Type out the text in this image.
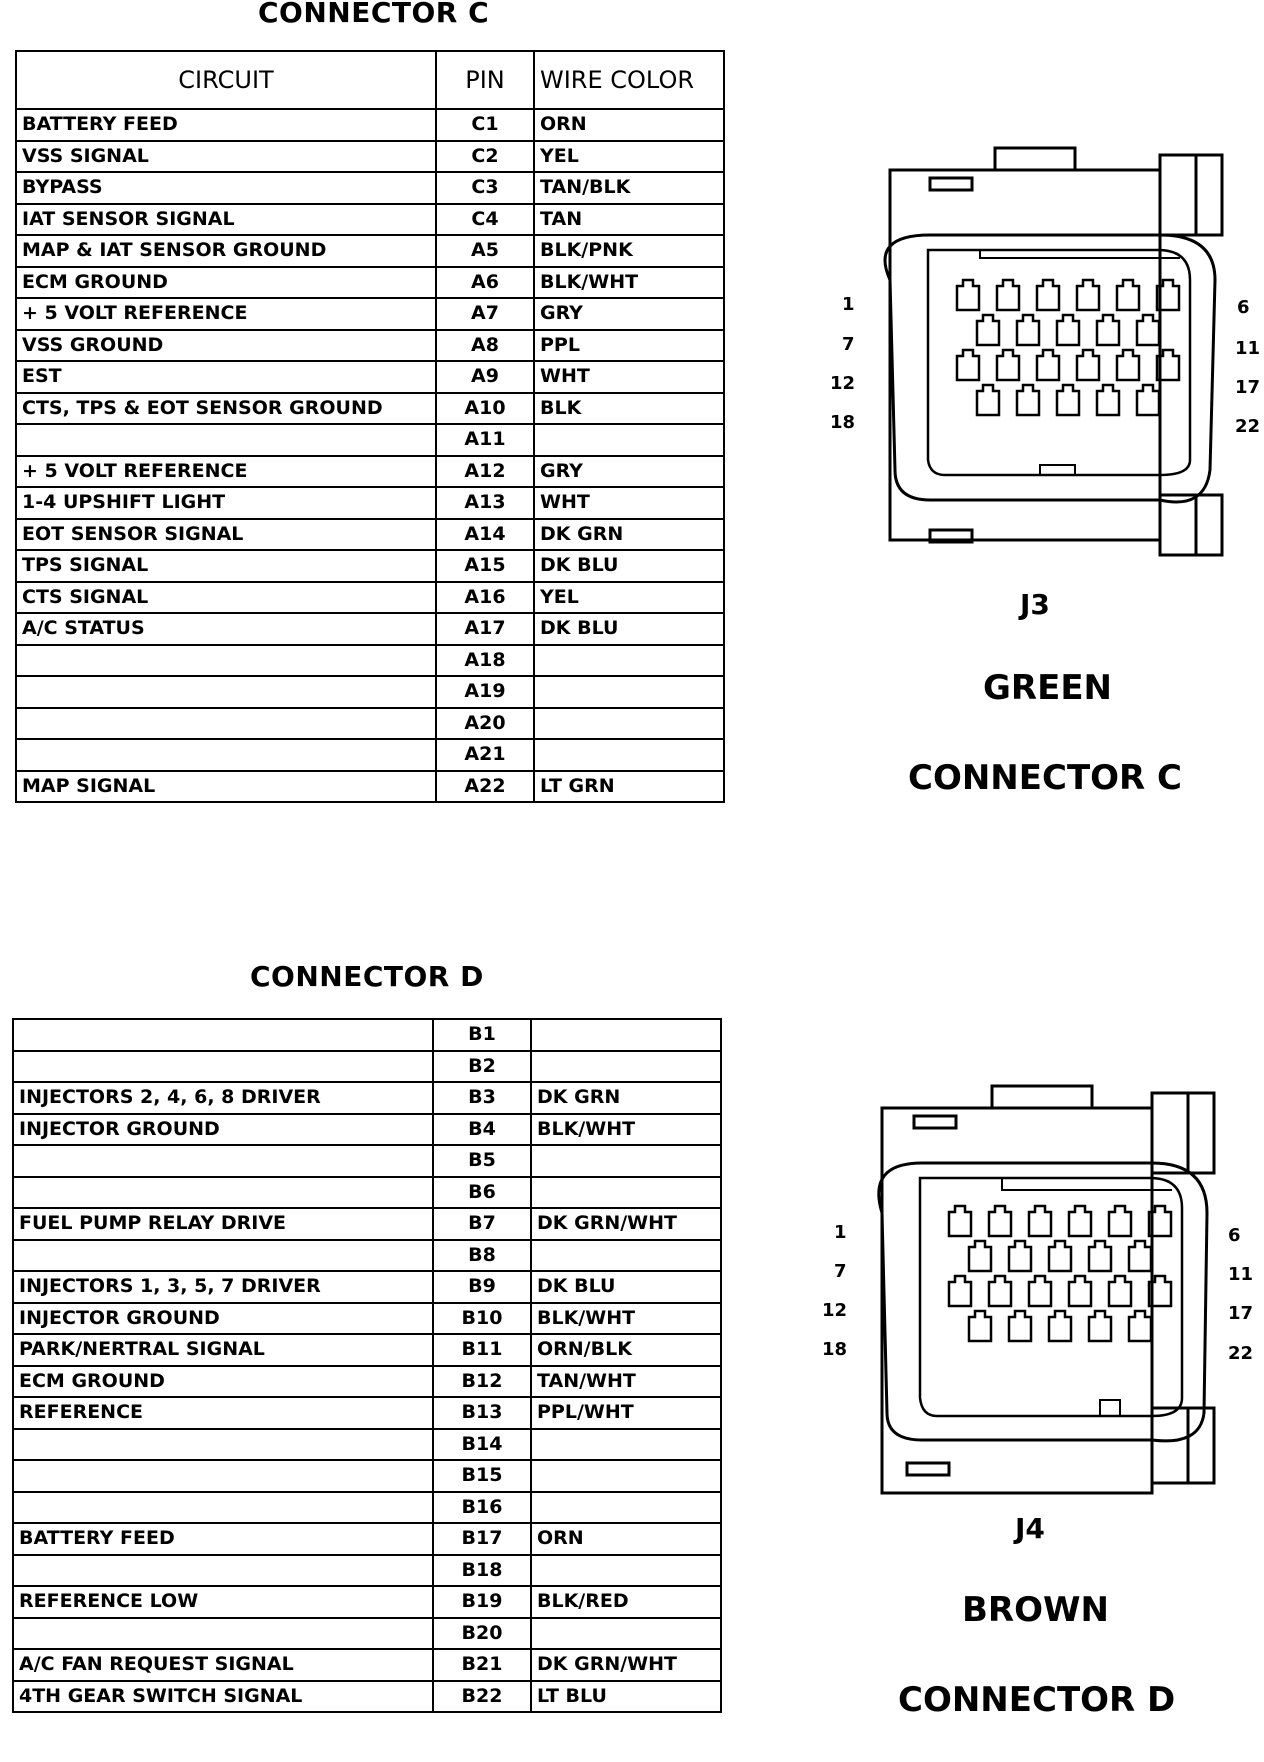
CONNECTOR C
CIRCUIT	PIN	WIRE COLOR
BATTERY FEED	C1	ORN
VSS SIGNAL	C2	YEL
BYPASS	C3	TAN/BLK
IAT SENSOR SIGNAL	C4	TAN
MAP & IAT SENSOR GROUND	A5	BLK/PNK
ECM GROUND	A6	BLK/WHT
+ 5 VOLT REFERENCE	A7	GRY
VSS GROUND	A8	PPL
EST	A9	WHT
CTS, TPS & EOT SENSOR GROUND	A10	BLK
	A11	
+ 5 VOLT REFERENCE	A12	GRY
1-4 UPSHIFT LIGHT	A13	WHT
EOT SENSOR SIGNAL	A14	DK GRN
TPS SIGNAL	A15	DK BLU
CTS SIGNAL	A16	YEL
A/C STATUS	A17	DK BLU
	A18	
	A19	
	A20	
	A21	
MAP SIGNAL	A22	LT GRN
1
7
12
18
6
11
17
22
J3
GREEN
CONNECTOR C
CONNECTOR D
	B1	
	B2	
INJECTORS 2, 4, 6, 8 DRIVER	B3	DK GRN
INJECTOR GROUND	B4	BLK/WHT
	B5	
	B6	
FUEL PUMP RELAY DRIVE	B7	DK GRN/WHT
	B8	
INJECTORS 1, 3, 5, 7 DRIVER	B9	DK BLU
INJECTOR GROUND	B10	BLK/WHT
PARK/NERTRAL SIGNAL	B11	ORN/BLK
ECM GROUND	B12	TAN/WHT
REFERENCE	B13	PPL/WHT
	B14	
	B15	
	B16	
BATTERY FEED	B17	ORN
	B18	
REFERENCE LOW	B19	BLK/RED
	B20	
A/C FAN REQUEST SIGNAL	B21	DK GRN/WHT
4TH GEAR SWITCH SIGNAL	B22	LT BLU
1
7
12
18
6
11
17
22
J4
BROWN
CONNECTOR D
